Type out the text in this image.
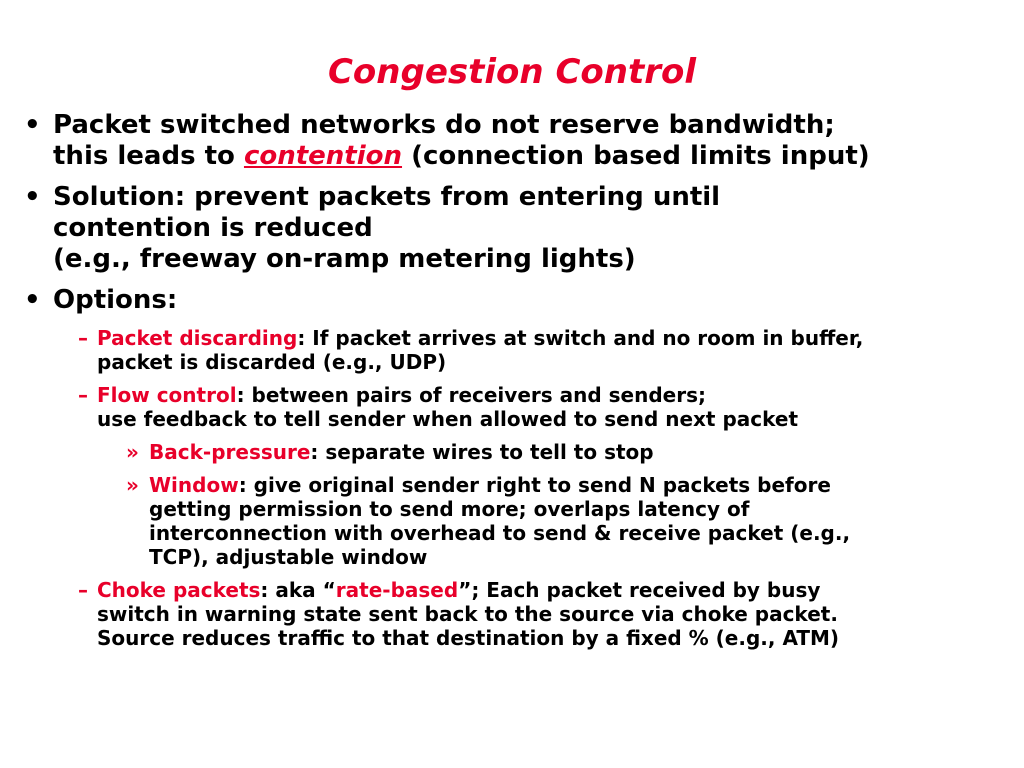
Congestion Control
• Packet switched networks do not reserve bandwidth;
this leads to contention (connection based limits input)
• Solution: prevent packets from entering until
contention is reduced
(e.g., freeway on-ramp metering lights)
• Options:
– Packet discarding: If packet arrives at switch and no room in buffer,
packet is discarded (e.g., UDP)
– Flow control: between pairs of receivers and senders;
use feedback to tell sender when allowed to send next packet
» Back-pressure: separate wires to tell to stop
» Window: give original sender right to send N packets before
getting permission to send more; overlaps latency of
interconnection with overhead to send & receive packet (e.g.,
TCP), adjustable window
– Choke packets: aka “rate-based”; Each packet received by busy
switch in warning state sent back to the source via choke packet.
Source reduces traffic to that destination by a fixed % (e.g., ATM)
